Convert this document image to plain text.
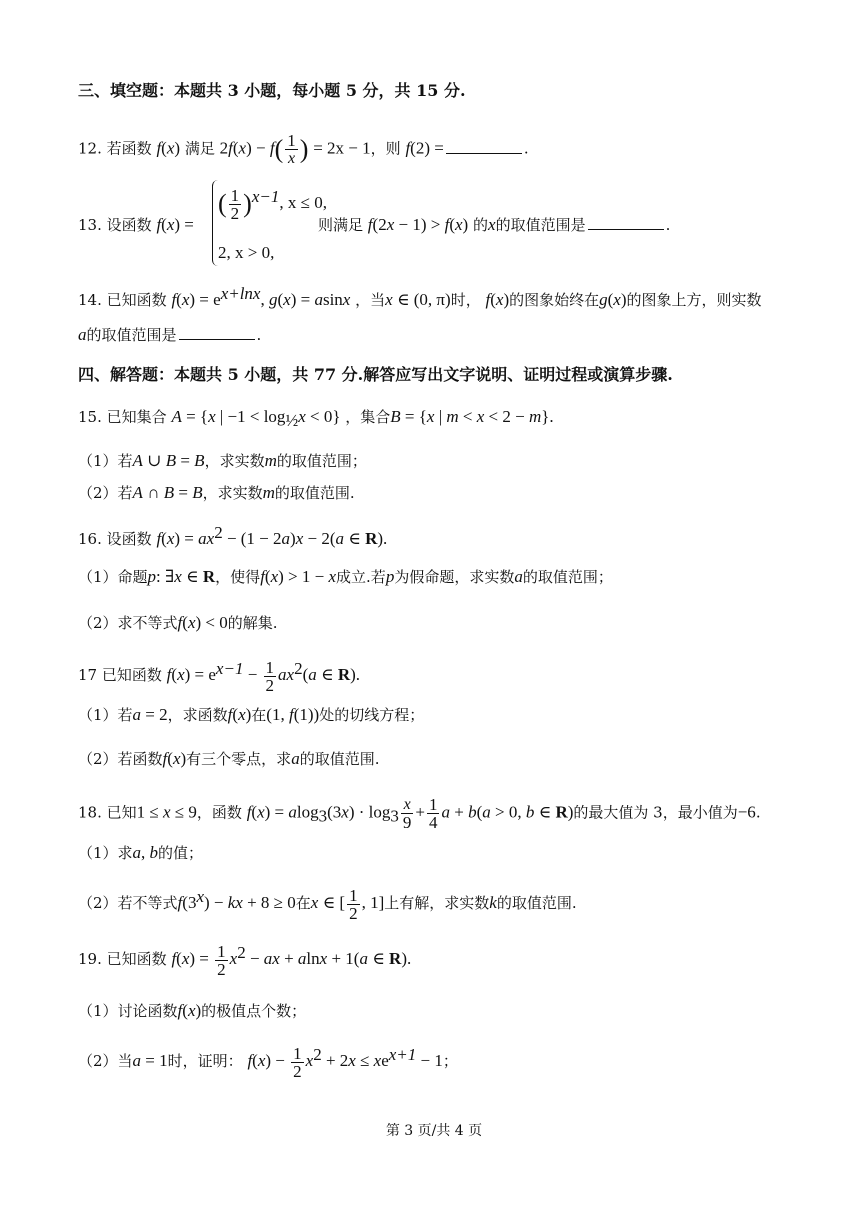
三、填空题：本题共 3 小题，每小题 5 分，共 15 分.
12. 若函数 f(x) 满足 $2f(x) - f( \frac{1}{x}$ ) = 2x − 1，则 f(2) =	.
13. 设函数 f(x) =
( $\frac{1}{2} )^{x-1}$, x ≤ 0,
2, x > 0,
则满足 f(2x − 1) > f(x) 的x的取值范围是	.
14. 已知函数 $f(x) = e^{x+lnx}$, g(x) = asinx ，当x ∈ (0, π)时， f(x)的图象始终在g(x)的图象上方，则实数
a的取值范围是	.
四、解答题：本题共 5 小题，共 77 分.解答应写出文字说明、证明过程或演算步骤.
15. 已知集合 A = {x | $-1 < \log_{\frac{1}{2}}x < 0$} ，集合B = {x | m < x < 2 − m}.
（1）若A ∪ B = B，求实数m的取值范围；
（2）若A ∩ B = B，求实数m的取值范围.
16. 设函数 $f(x) = ax^2 - (1 - 2a)x - 2(a$ ∈ R).
（1）命题p: ∃x ∈ R，使得f(x) > 1 − x成立.若p为假命题，求实数a的取值范围；
（2）求不等式f(x) < 0的解集.
17 已知函数 $f(x) = e^{x-1} - \frac{1}{2} ax^2(a$ ∈ R).
（1）若a = 2，求函数f(x)在(1, f(1))处的切线方程；
（2）若函数f(x)有三个零点，求a的取值范围.
18. 已知1 ≤ x ≤ 9，函数 $f(x) = alog_3(3x) \cdot \log_3 \frac{x}{9} + \frac{1}{4}$ a + b(a > 0, b ∈ R)的最大值为 3，最小值为−6.
（1）求a, b的值；
（2）若不等式$f(3^x)$ − kx + 8 ≥ 0在x ∈ [ $\frac{1}{2}$ , 1]上有解，求实数k的取值范围.
19. 已知函数 $f(x) = \frac{1}{2} x^2$ − ax + alnx + 1(a ∈ R).
（1）讨论函数f(x)的极值点个数；
（2）当a = 1时，证明： $f(x) - \frac{1}{2} x^2 + 2x \le xe^{x+1} - 1$；
第 3 页/共 4 页
